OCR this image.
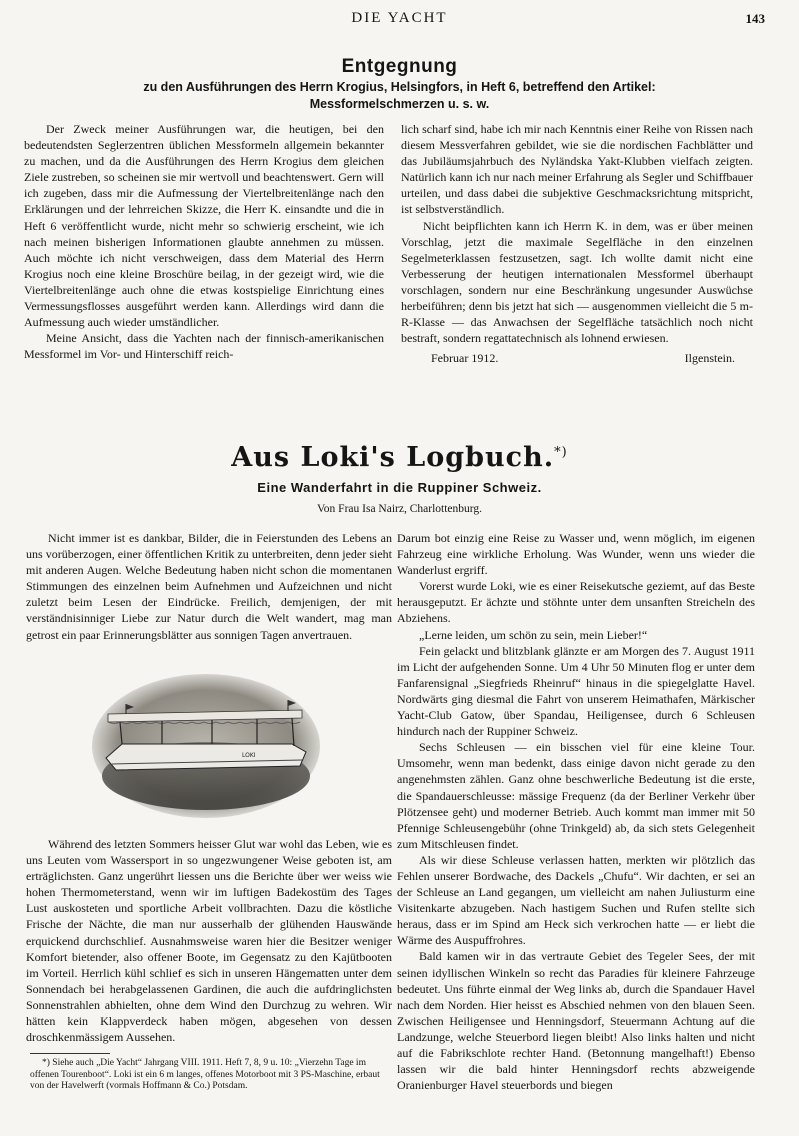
DIE YACHT	143
Entgegnung
zu den Ausführungen des Herrn Krogius, Helsingfors, in Heft 6, betreffend den Artikel:
Messformelschmerzen u. s. w.

Der Zweck meiner Ausführungen war, die heutigen, bei den bedeutendsten Seglerzentren üblichen Messformeln allgemein bekannter zu machen, und da die Ausführungen des Herrn Krogius dem gleichen Ziele zustreben, so scheinen sie mir wertvoll und beachtenswert. Gern will ich zugeben, dass mir die Aufmessung der Viertelbreitenlänge nach den Erklärungen und der lehrreichen Skizze, die Herr K. einsandte und die in Heft 6 veröffentlicht wurde, nicht mehr so schwierig erscheint, wie ich nach meinen bisherigen Informationen glaubte annehmen zu müssen. Auch möchte ich nicht verschweigen, dass dem Material des Herrn Krogius noch eine kleine Broschüre beilag, in der gezeigt wird, wie die Viertelbreitenlänge auch ohne die etwas kostspielige Einrichtung eines Vermessungsflosses ausgeführt werden kann. Allerdings wird dann die Aufmessung auch wieder umständlicher.

Meine Ansicht, dass die Yachten nach der finnisch-amerikanischen Messformel im Vor- und Hinterschiff reich-

lich scharf sind, habe ich mir nach Kenntnis einer Reihe von Rissen nach diesem Messverfahren gebildet, wie sie die nordischen Fachblätter und das Jubiläumsjahrbuch des Nyländska Yakt-Klubben vielfach zeigten. Natürlich kann ich nur nach meiner Erfahrung als Segler und Schiffbauer urteilen, und dass dabei die subjektive Geschmacksrichtung mitspricht, ist selbstverständlich.

Nicht beipflichten kann ich Herrn K. in dem, was er über meinen Vorschlag, jetzt die maximale Segelfläche in den einzelnen Segelmeterklassen festzusetzen, sagt. Ich wollte damit nicht eine Verbesserung der heutigen internationalen Messformel überhaupt vorschlagen, sondern nur eine Beschränkung ungesunder Auswüchse herbeiführen; denn bis jetzt hat sich — ausgenommen vielleicht die 5 m-R-Klasse — das Anwachsen der Segelfläche tatsächlich noch nicht bestraft, sondern regattatechnisch als lohnend erwiesen.

Februar 1912.	Ilgenstein.
Aus Loki's Logbuch.*)
Eine Wanderfahrt in die Ruppiner Schweiz.
Von Frau Isa Nairz, Charlottenburg.

Nicht immer ist es dankbar, Bilder, die in Feierstunden des Lebens an uns vorüberzogen, einer öffentlichen Kritik zu unterbreiten, denn jeder sieht mit anderen Augen. Welche Bedeutung haben nicht schon die momentanen Stimmungen des einzelnen beim Aufnehmen und Aufzeichnen und nicht zuletzt beim Lesen der Eindrücke. Freilich, demjenigen, der mit verständnisinniger Liebe zur Natur durch die Welt wandert, mag man getrost ein paar Erinnerungsblätter aus sonnigen Tagen anvertrauen.

LOKI

Während des letzten Sommers heisser Glut war wohl das Leben, wie es uns Leuten vom Wassersport in so ungezwungener Weise geboten ist, am erträglichsten. Ganz ungerührt liessen uns die Berichte über wer weiss wie hohen Thermometerstand, wenn wir im luftigen Badekostüm des Tages Lust auskosteten und sportliche Arbeit vollbrachten. Dazu die köstliche Frische der Nächte, die man nur ausserhalb der glühenden Hauswände erquickend durchschlief. Ausnahmsweise waren hier die Besitzer weniger Komfort bietender, also offener Boote, im Gegensatz zu den Kajütbooten im Vorteil. Herrlich kühl schlief es sich in unseren Hängematten unter dem Sonnendach bei herabgelassenen Gardinen, die auch die aufdringlichsten Sonnenstrahlen abhielten, ohne dem Wind den Durchzug zu wehren. Wir hätten kein Klappverdeck haben mögen, abgesehen von dessen droschkenmässigem Aussehen.

Darum bot einzig eine Reise zu Wasser und, wenn möglich, im eigenen Fahrzeug eine wirkliche Erholung. Was Wunder, wenn uns wieder die Wanderlust ergriff.

Vorerst wurde Loki, wie es einer Reisekutsche geziemt, auf das Beste herausgeputzt. Er ächzte und stöhnte unter dem unsanften Streicheln des Abziehens.

„Lerne leiden, um schön zu sein, mein Lieber!“

Fein gelackt und blitzblank glänzte er am Morgen des 7. August 1911 im Licht der aufgehenden Sonne. Um 4 Uhr 50 Minuten flog er unter dem Fanfarensignal „Siegfrieds Rheinruf“ hinaus in die spiegelglatte Havel. Nordwärts ging diesmal die Fahrt von unserem Heimathafen, Märkischer Yacht-Club Gatow, über Spandau, Heiligensee, durch 6 Schleusen hindurch nach der Ruppiner Schweiz.

Sechs Schleusen — ein bisschen viel für eine kleine Tour. Umsomehr, wenn man bedenkt, dass einige davon nicht gerade zu den angenehmsten zählen. Ganz ohne beschwerliche Bedeutung ist die erste, die Spandauerschleusse: mässige Frequenz (da der Berliner Verkehr über Plötzensee geht) und moderner Betrieb. Auch kommt man immer mit 50 Pfennige Schleusengebühr (ohne Trinkgeld) ab, da sich stets Gelegenheit zum Mitschleusen findet.

Als wir diese Schleuse verlassen hatten, merkten wir plötzlich das Fehlen unserer Bordwache, des Dackels „Chufu“. Wir dachten, er sei an der Schleuse an Land gegangen, um vielleicht am nahen Juliusturm eine Visitenkarte abzugeben. Nach hastigem Suchen und Rufen stellte sich heraus, dass er im Spind am Heck sich verkrochen hatte — er liebt die Wärme des Auspuffrohres.

Bald kamen wir in das vertraute Gebiet des Tegeler Sees, der mit seinen idyllischen Winkeln so recht das Paradies für kleinere Fahrzeuge bedeutet. Uns führte einmal der Weg links ab, durch die Spandauer Havel nach dem Norden. Hier heisst es Abschied nehmen von den blauen Seen. Zwischen Heiligensee und Henningsdorf, Steuermann Achtung auf die Landzunge, welche Steuerbord liegen bleibt! Also links halten und nicht auf die Fabrikschlote rechter Hand. (Betonnung mangelhaft!) Ebenso lassen wir die bald hinter Henningsdorf rechts abzweigende Oranienburger Havel steuerbords und biegen

*) Siehe auch „Die Yacht“ Jahrgang VIII. 1911. Heft 7, 8, 9 u. 10: „Vierzehn Tage im offenen Tourenboot“. Loki ist ein 6 m langes, offenes Motorboot mit 3 PS-Maschine, erbaut von der Havelwerft (vormals Hoffmann & Co.) Potsdam.
